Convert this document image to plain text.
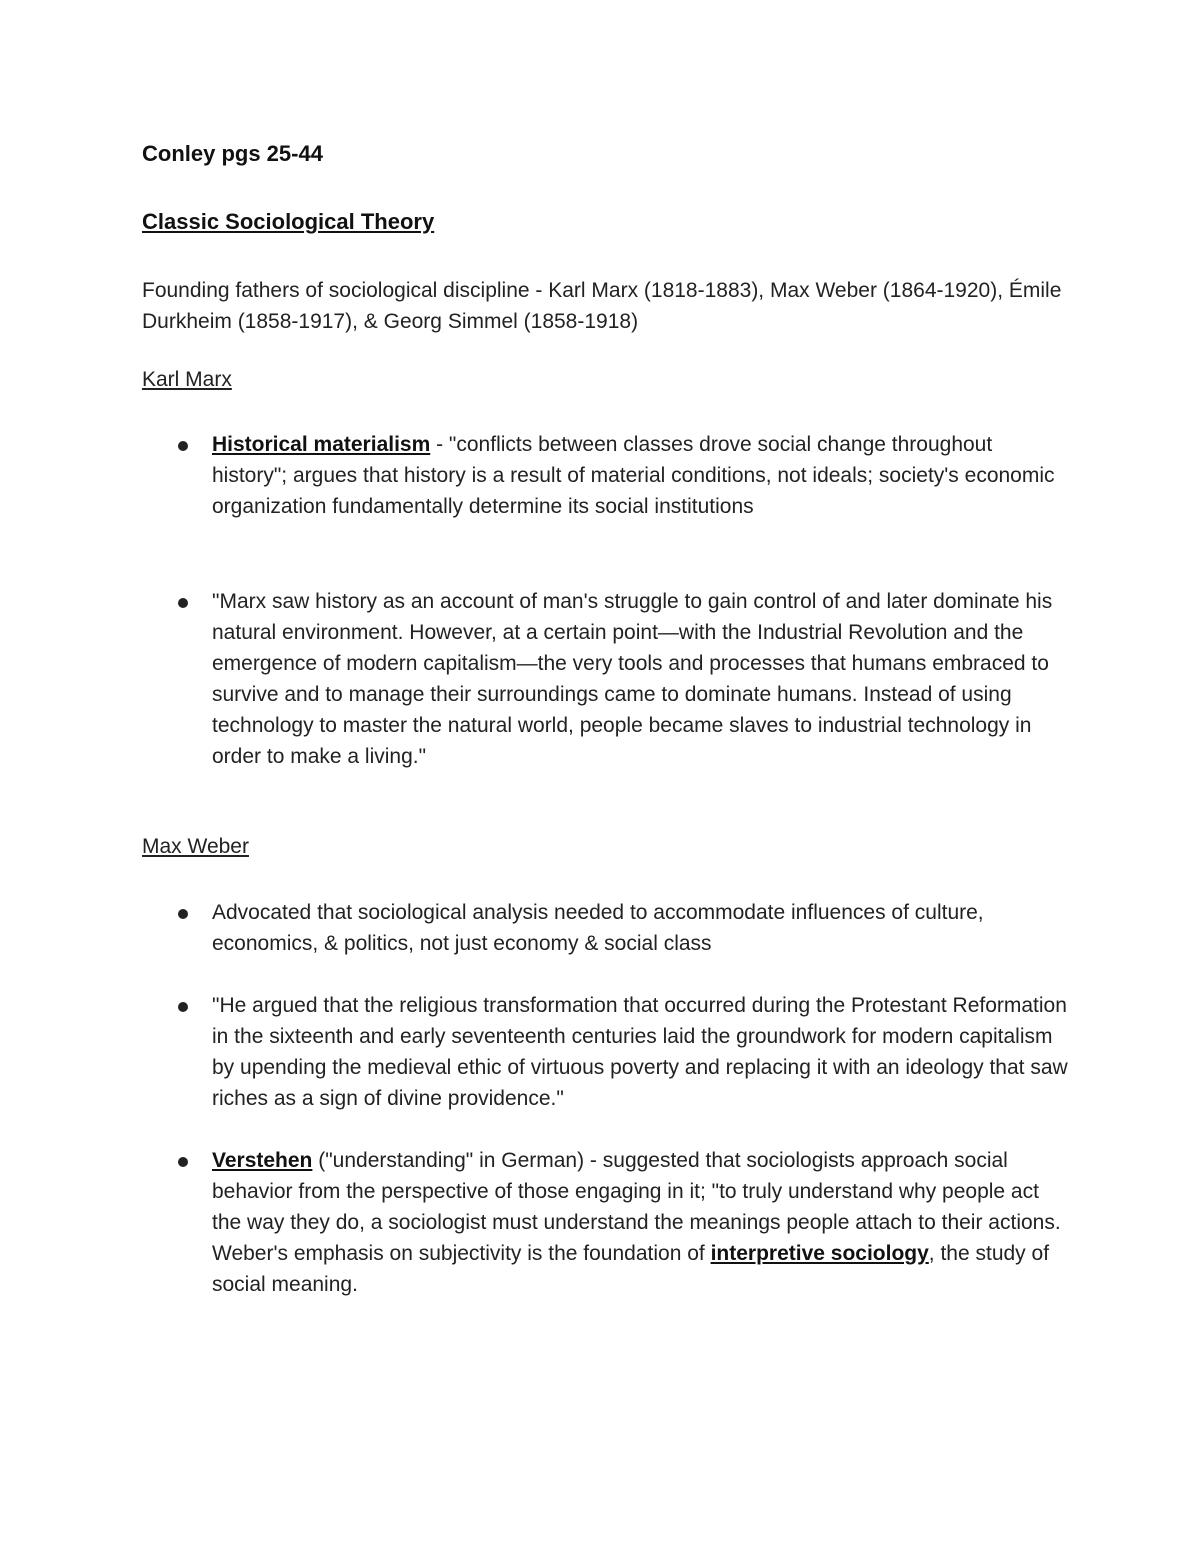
Conley pgs 25-44
Classic Sociological Theory

Founding fathers of sociological discipline - Karl Marx (1818-1883), Max Weber (1864-1920), Émile Durkheim (1858-1917), & Georg Simmel (1858-1918)

Karl Marx

Historical materialism - "conflicts between classes drove social change throughout history"; argues that history is a result of material conditions, not ideals; society's economic organization fundamentally determine its social institutions

"Marx saw history as an account of man's struggle to gain control of and later dominate his natural environment. However, at a certain point—with the Industrial Revolution and the emergence of modern capitalism—the very tools and processes that humans embraced to survive and to manage their surroundings came to dominate humans. Instead of using technology to master the natural world, people became slaves to industrial technology in order to make a living."

Max Weber

Advocated that sociological analysis needed to accommodate influences of culture, economics, & politics, not just economy & social class

"He argued that the religious transformation that occurred during the Protestant Reformation in the sixteenth and early seventeenth centuries laid the groundwork for modern capitalism by upending the medieval ethic of virtuous poverty and replacing it with an ideology that saw riches as a sign of divine providence."

Verstehen ("understanding" in German) - suggested that sociologists approach social behavior from the perspective of those engaging in it; "to truly understand why people act the way they do, a sociologist must understand the meanings people attach to their actions. Weber's emphasis on subjectivity is the foundation of interpretive sociology, the study of social meaning.
